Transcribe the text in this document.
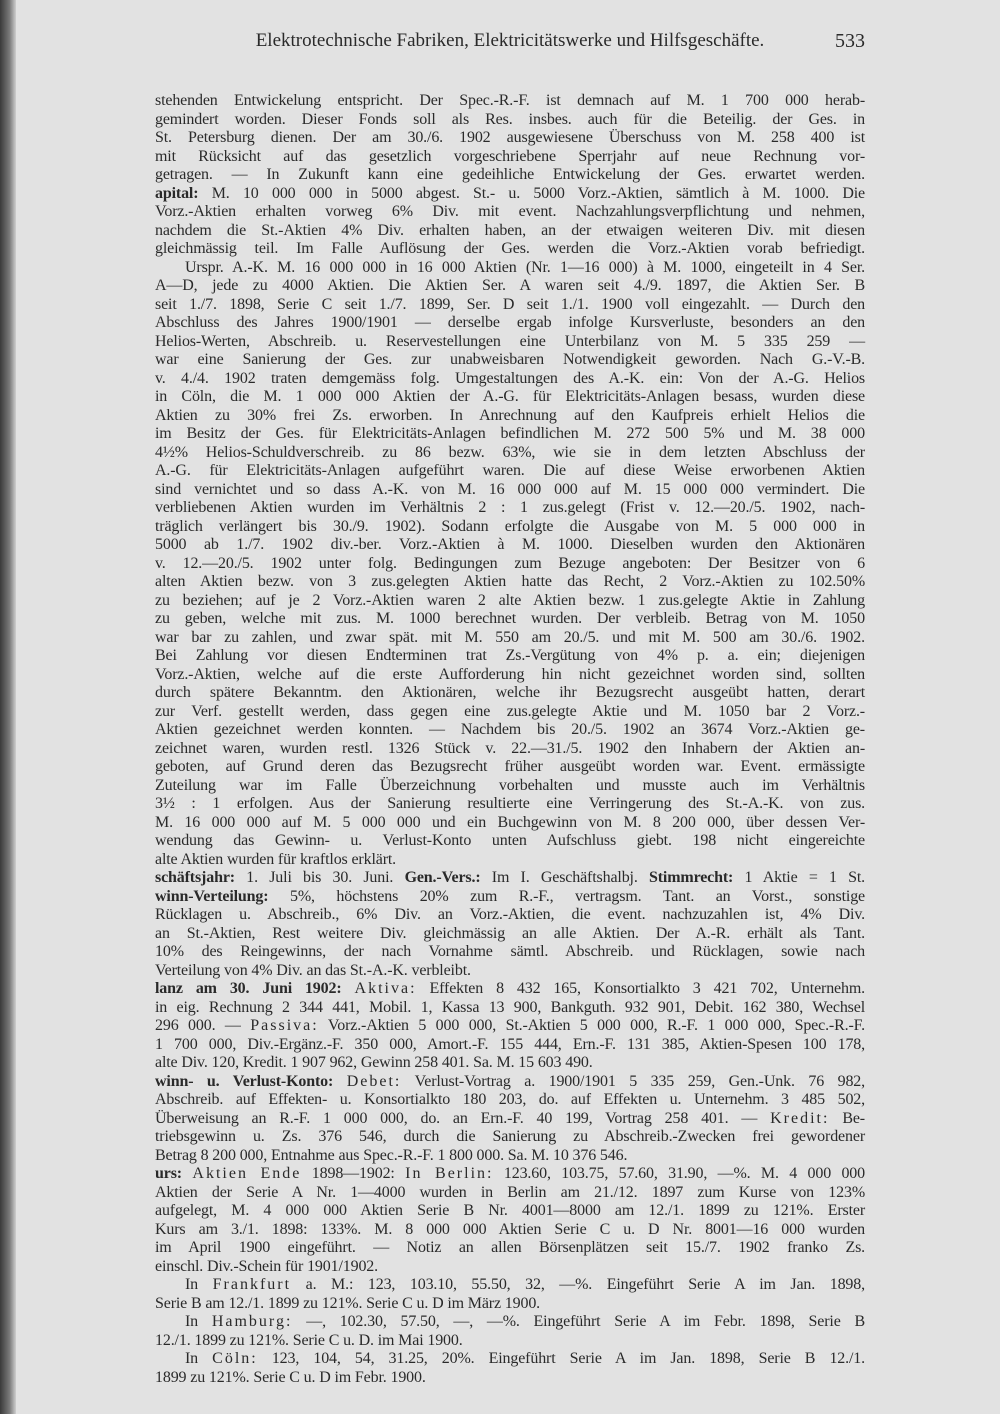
Elektrotechnische Fabriken, Elektricitätswerke und Hilfsgeschäfte.	533
stehenden Entwickelung entspricht. Der Spec.-R.-F. ist demnach auf M. 1 700 000 herab-
gemindert worden. Dieser Fonds soll als Res. insbes. auch für die Beteilig. der Ges. in
St. Petersburg dienen. Der am 30./6. 1902 ausgewiesene Überschuss von M. 258 400 ist
mit Rücksicht auf das gesetzlich vorgeschriebene Sperrjahr auf neue Rechnung vor-
getragen. — In Zukunft kann eine gedeihliche Entwickelung der Ges. erwartet werden.
apital: M. 10 000 000 in 5000 abgest. St.- u. 5000 Vorz.-Aktien, sämtlich à M. 1000. Die
Vorz.-Aktien erhalten vorweg 6% Div. mit event. Nachzahlungsverpflichtung und nehmen,
nachdem die St.-Aktien 4% Div. erhalten haben, an der etwaigen weiteren Div. mit diesen
gleichmässig teil. Im Falle Auflösung der Ges. werden die Vorz.-Aktien vorab befriedigt.
Urspr. A.-K. M. 16 000 000 in 16 000 Aktien (Nr. 1—16 000) à M. 1000, eingeteilt in 4 Ser.
A—D, jede zu 4000 Aktien. Die Aktien Ser. A waren seit 4./9. 1897, die Aktien Ser. B
seit 1./7. 1898, Serie C seit 1./7. 1899, Ser. D seit 1./1. 1900 voll eingezahlt. — Durch den
Abschluss des Jahres 1900/1901 — derselbe ergab infolge Kursverluste, besonders an den
Helios-Werten, Abschreib. u. Reservestellungen eine Unterbilanz von M. 5 335 259 —
war eine Sanierung der Ges. zur unabweisbaren Notwendigkeit geworden. Nach G.-V.-B.
v. 4./4. 1902 traten demgemäss folg. Umgestaltungen des A.-K. ein: Von der A.-G. Helios
in Cöln, die M. 1 000 000 Aktien der A.-G. für Elektricitäts-Anlagen besass, wurden diese
Aktien zu 30% frei Zs. erworben. In Anrechnung auf den Kaufpreis erhielt Helios die
im Besitz der Ges. für Elektricitäts-Anlagen befindlichen M. 272 500 5% und M. 38 000
4½% Helios-Schuldverschreib. zu 86 bezw. 63%, wie sie in dem letzten Abschluss der
A.-G. für Elektricitäts-Anlagen aufgeführt waren. Die auf diese Weise erworbenen Aktien
sind vernichtet und so dass A.-K. von M. 16 000 000 auf M. 15 000 000 vermindert. Die
verbliebenen Aktien wurden im Verhältnis 2 : 1 zus.gelegt (Frist v. 12.—20./5. 1902, nach-
träglich verlängert bis 30./9. 1902). Sodann erfolgte die Ausgabe von M. 5 000 000 in
5000 ab 1./7. 1902 div.-ber. Vorz.-Aktien à M. 1000. Dieselben wurden den Aktionären
v. 12.—20./5. 1902 unter folg. Bedingungen zum Bezuge angeboten: Der Besitzer von 6
alten Aktien bezw. von 3 zus.gelegten Aktien hatte das Recht, 2 Vorz.-Aktien zu 102.50%
zu beziehen; auf je 2 Vorz.-Aktien waren 2 alte Aktien bezw. 1 zus.gelegte Aktie in Zahlung
zu geben, welche mit zus. M. 1000 berechnet wurden. Der verbleib. Betrag von M. 1050
war bar zu zahlen, und zwar spät. mit M. 550 am 20./5. und mit M. 500 am 30./6. 1902.
Bei Zahlung vor diesen Endterminen trat Zs.-Vergütung von 4% p. a. ein; diejenigen
Vorz.-Aktien, welche auf die erste Aufforderung hin nicht gezeichnet worden sind, sollten
durch spätere Bekanntm. den Aktionären, welche ihr Bezugsrecht ausgeübt hatten, derart
zur Verf. gestellt werden, dass gegen eine zus.gelegte Aktie und M. 1050 bar 2 Vorz.-
Aktien gezeichnet werden konnten. — Nachdem bis 20./5. 1902 an 3674 Vorz.-Aktien ge-
zeichnet waren, wurden restl. 1326 Stück v. 22.—31./5. 1902 den Inhabern der Aktien an-
geboten, auf Grund deren das Bezugsrecht früher ausgeübt worden war. Event. ermässigte
Zuteilung war im Falle Überzeichnung vorbehalten und musste auch im Verhältnis
3½ : 1 erfolgen. Aus der Sanierung resultierte eine Verringerung des St.-A.-K. von zus.
M. 16 000 000 auf M. 5 000 000 und ein Buchgewinn von M. 8 200 000, über dessen Ver-
wendung das Gewinn- u. Verlust-Konto unten Aufschluss giebt. 198 nicht eingereichte
alte Aktien wurden für kraftlos erklärt.
schäftsjahr: 1. Juli bis 30. Juni. Gen.-Vers.: Im I. Geschäftshalbj. Stimmrecht: 1 Aktie = 1 St.
winn-Verteilung: 5%, höchstens 20% zum R.-F., vertragsm. Tant. an Vorst., sonstige
Rücklagen u. Abschreib., 6% Div. an Vorz.-Aktien, die event. nachzuzahlen ist, 4% Div.
an St.-Aktien, Rest weitere Div. gleichmässig an alle Aktien. Der A.-R. erhält als Tant.
10% des Reingewinns, der nach Vornahme sämtl. Abschreib. und Rücklagen, sowie nach
Verteilung von 4% Div. an das St.-A.-K. verbleibt.
lanz am 30. Juni 1902: Aktiva: Effekten 8 432 165, Konsortialkto 3 421 702, Unternehm.
in eig. Rechnung 2 344 441, Mobil. 1, Kassa 13 900, Bankguth. 932 901, Debit. 162 380, Wechsel
296 000. — Passiva: Vorz.-Aktien 5 000 000, St.-Aktien 5 000 000, R.-F. 1 000 000, Spec.-R.-F.
1 700 000, Div.-Ergänz.-F. 350 000, Amort.-F. 155 444, Ern.-F. 131 385, Aktien-Spesen 100 178,
alte Div. 120, Kredit. 1 907 962, Gewinn 258 401. Sa. M. 15 603 490.
winn- u. Verlust-Konto: Debet: Verlust-Vortrag a. 1900/1901 5 335 259, Gen.-Unk. 76 982,
Abschreib. auf Effekten- u. Konsortialkto 180 203, do. auf Effekten u. Unternehm. 3 485 502,
Überweisung an R.-F. 1 000 000, do. an Ern.-F. 40 199, Vortrag 258 401. — Kredit: Be-
triebsgewinn u. Zs. 376 546, durch die Sanierung zu Abschreib.-Zwecken frei gewordener
Betrag 8 200 000, Entnahme aus Spec.-R.-F. 1 800 000. Sa. M. 10 376 546.
urs: Aktien Ende 1898—1902: In Berlin: 123.60, 103.75, 57.60, 31.90, —%. M. 4 000 000
Aktien der Serie A Nr. 1—4000 wurden in Berlin am 21./12. 1897 zum Kurse von 123%
aufgelegt, M. 4 000 000 Aktien Serie B Nr. 4001—8000 am 12./1. 1899 zu 121%. Erster
Kurs am 3./1. 1898: 133%. M. 8 000 000 Aktien Serie C u. D Nr. 8001—16 000 wurden
im April 1900 eingeführt. — Notiz an allen Börsenplätzen seit 15./7. 1902 franko Zs.
einschl. Div.-Schein für 1901/1902.
In Frankfurt a. M.: 123, 103.10, 55.50, 32, —%. Eingeführt Serie A im Jan. 1898,
Serie B am 12./1. 1899 zu 121%. Serie C u. D im März 1900.
In Hamburg: —, 102.30, 57.50, —, —%. Eingeführt Serie A im Febr. 1898, Serie B
12./1. 1899 zu 121%. Serie C u. D. im Mai 1900.
In Cöln: 123, 104, 54, 31.25, 20%. Eingeführt Serie A im Jan. 1898, Serie B 12./1.
1899 zu 121%. Serie C u. D im Febr. 1900.
